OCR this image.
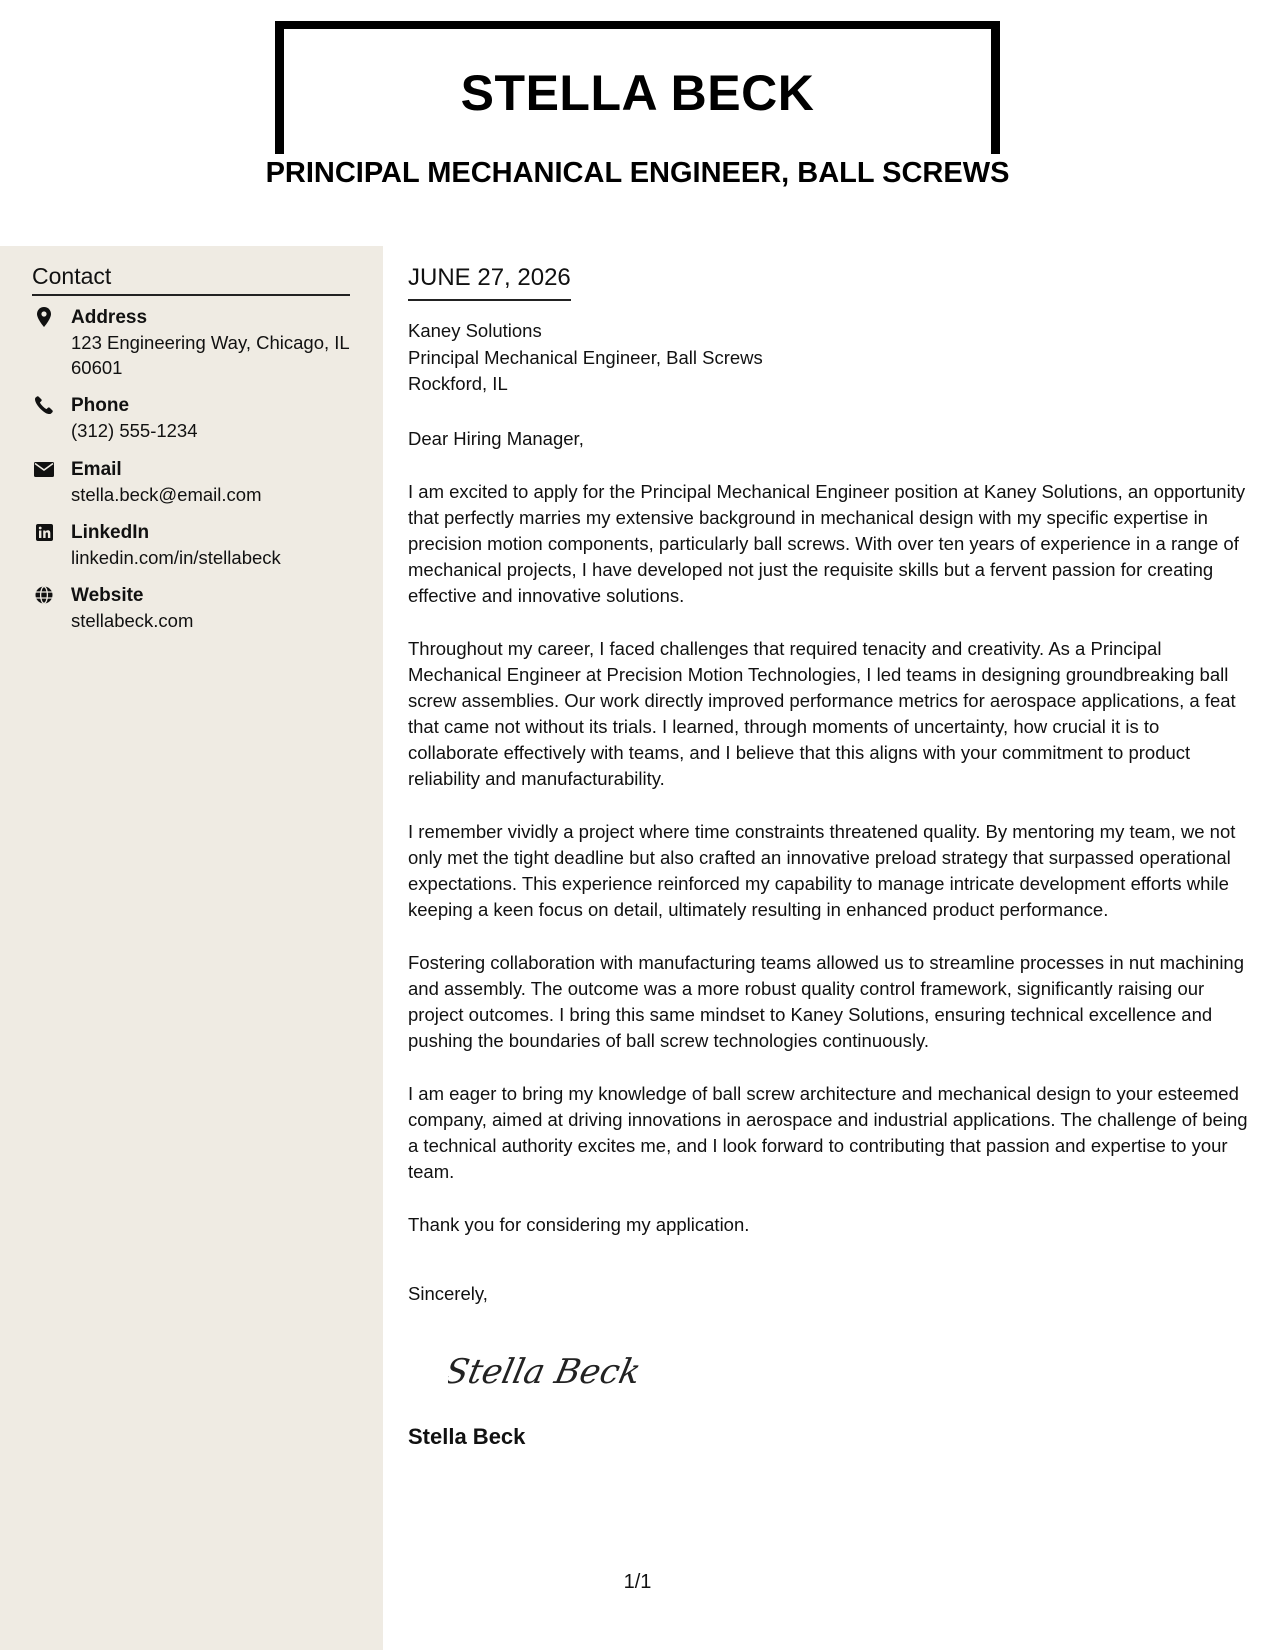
STELLA BECK
PRINCIPAL MECHANICAL ENGINEER, BALL SCREWS
Contact
Address
123 Engineering Way, Chicago, IL 60601
Phone
(312) 555-1234
Email
stella.beck@email.com
LinkedIn
linkedin.com/in/stellabeck
Website
stellabeck.com
JUNE 27, 2026
Kaney Solutions
Principal Mechanical Engineer, Ball Screws
Rockford, IL
Dear Hiring Manager,

I am excited to apply for the Principal Mechanical Engineer position at Kaney Solutions, an opportunity that perfectly marries my extensive background in mechanical design with my specific expertise in precision motion components, particularly ball screws. With over ten years of experience in a range of mechanical projects, I have developed not just the requisite skills but a fervent passion for creating effective and innovative solutions.

Throughout my career, I faced challenges that required tenacity and creativity. As a Principal Mechanical Engineer at Precision Motion Technologies, I led teams in designing groundbreaking ball screw assemblies. Our work directly improved performance metrics for aerospace applications, a feat that came not without its trials. I learned, through moments of uncertainty, how crucial it is to collaborate effectively with teams, and I believe that this aligns with your commitment to product reliability and manufacturability.

I remember vividly a project where time constraints threatened quality. By mentoring my team, we not only met the tight deadline but also crafted an innovative preload strategy that surpassed operational expectations. This experience reinforced my capability to manage intricate development efforts while keeping a keen focus on detail, ultimately resulting in enhanced product performance.

Fostering collaboration with manufacturing teams allowed us to streamline processes in nut machining and assembly. The outcome was a more robust quality control framework, significantly raising our project outcomes. I bring this same mindset to Kaney Solutions, ensuring technical excellence and pushing the boundaries of ball screw technologies continuously.

I am eager to bring my knowledge of ball screw architecture and mechanical design to your esteemed company, aimed at driving innovations in aerospace and industrial applications. The challenge of being a technical authority excites me, and I look forward to contributing that passion and expertise to your team.

Thank you for considering my application.

Sincerely,
Stella Beck
Stella Beck
1/1
